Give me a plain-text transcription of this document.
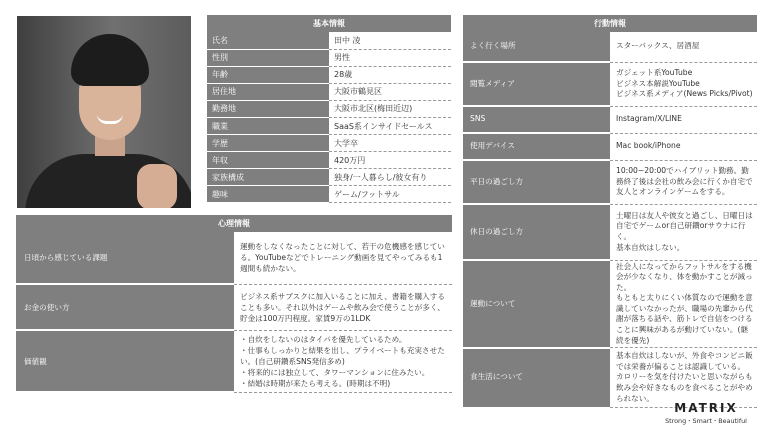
基本情報	
氏名	田中 凌
性別	男性
年齢	28歳
居住地	大阪市鶴見区
勤務地	大阪市北区(梅田近辺)
職業	SaaS系インサイドセールス
学歴	大学卒
年収	420万円
家族構成	独身/一人暮らし/彼女有り
趣味	ゲーム/フットサル
心理情報	
日頃から感じている課題	運動をしなくなったことに対して、若干の危機感を感じている。YouTubeなどでトレーニング動画を見てやってみるも1週間も続かない。
お金の使い方	ビジネス系サブスクに加入いることに加え、書籍を購入することも多い。それ以外はゲームや飲み会で使うことが多く、貯金は100万円程度。家賃9万の1LDK
価値観	・自炊をしないのはタイパを優先しているため。
・仕事もしっかりと結果を出し、プライベートも充実させたい。(自己研鑽系SNS発信多め)
・将来的には独立して、タワーマンションに住みたい。
・結婚は時期が来たら考える。(時期は不明)
行動情報	
よく行く場所	スターバックス、居酒屋

閲覧メディア	ガジェット系YouTube
ビジネス本解説YouTube
ビジネス系メディア(News Picks/Pivot)

SNS	Instagram/X/LINE

使用デバイス	Mac book/iPhone

平日の過ごし方	10:00~20:00でハイブリット勤務。勤務終了後は会社の飲み会に行くか自宅で友人とオンラインゲームをする。

休日の過ごし方	土曜日は友人や彼女と過ごし、日曜日は自宅でゲームor自己研鑽orサウナに行く。
基本自炊はしない。

運動について	社会人になってからフットサルをする機会が少なくなり、体を動かすことが減った。
もともと太りにくい体質なので運動を意識していなかったが、職場の先輩から代謝が落ちる話や、筋トレで自信をつけることに興味があるが動けていない。(継続を優先)

食生活について	基本自炊はしないが、外食やコンビニ飯では栄養が偏ることは認識している。
カロリーを気を付けたいと思いながらも飲み会や好きなものを食べることがやめられない。
MATRIX
Strong・Smart・Beautiful
